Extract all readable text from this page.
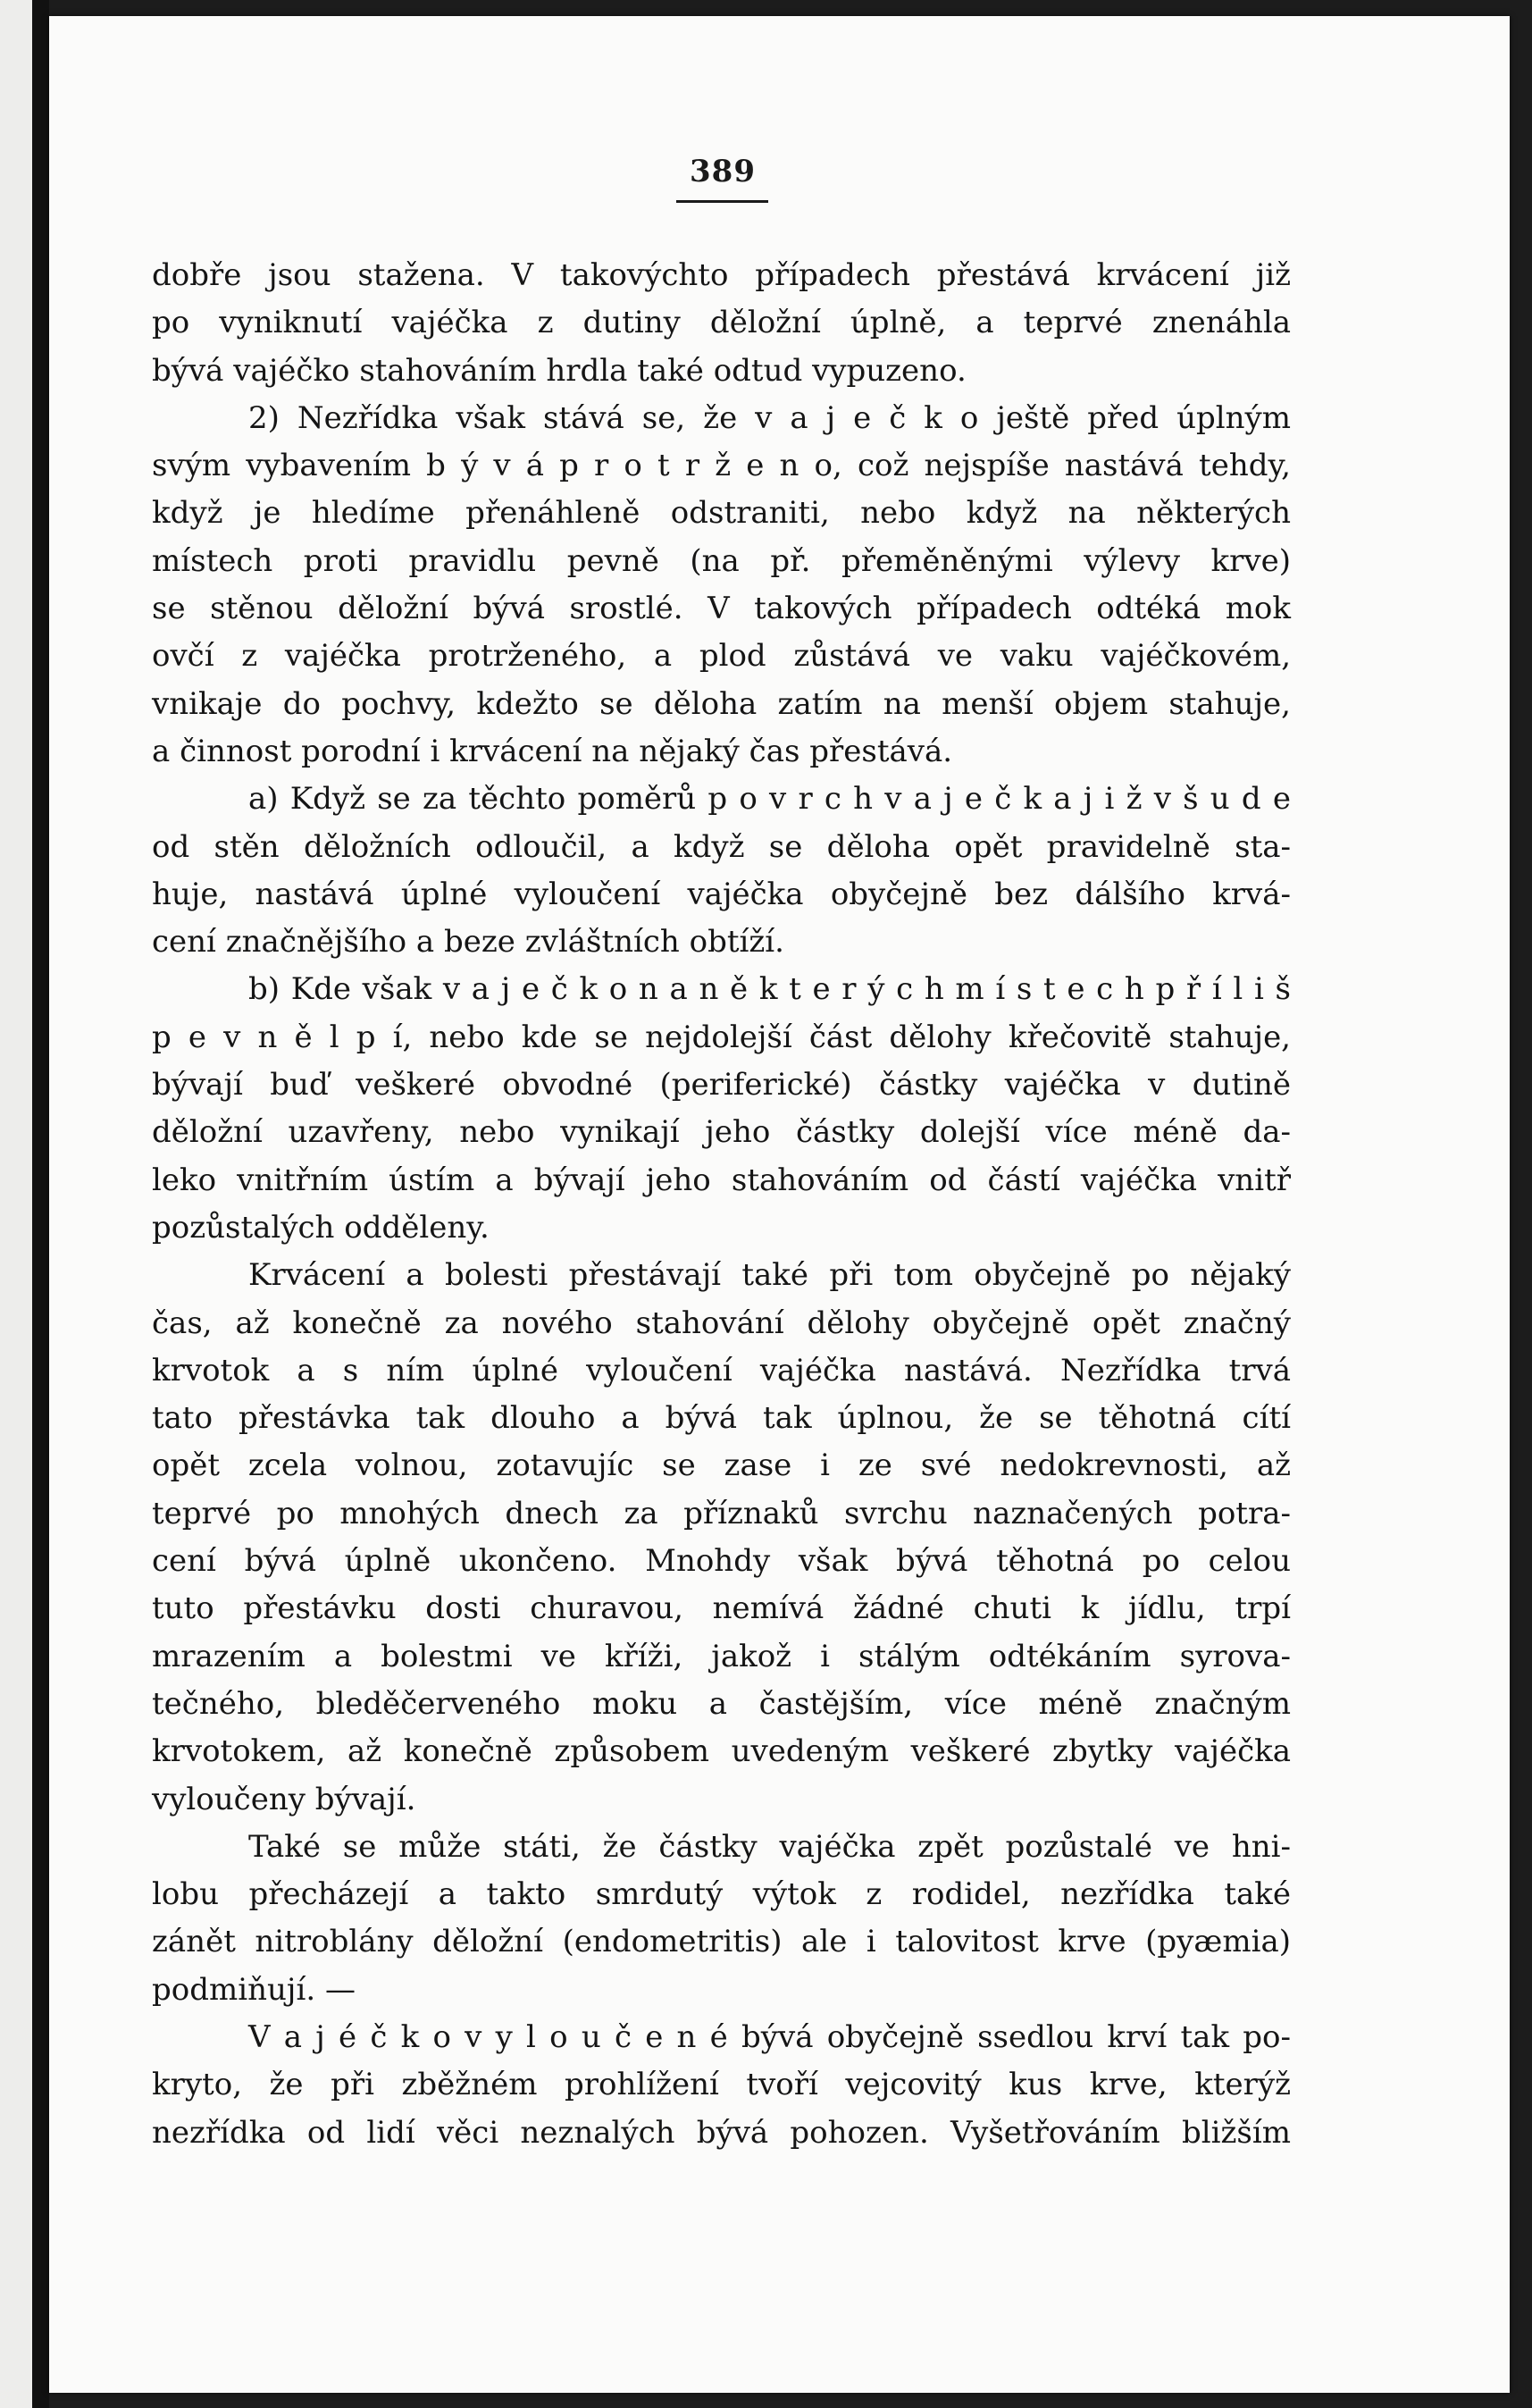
389
dobře jsou stažena. V takovýchto případech přestává krvácení již
po vyniknutí vajéčka z dutiny děložní úplně, a teprvé znenáhla
bývá vajéčko stahováním hrdla také odtud vypuzeno.
2) Nezřídka však stává se, že v a j e č k o ještě před úplným
svým vybavením b ý v á p r o t r ž e n o, což nejspíše nastává tehdy,
když je hledíme přenáhleně odstraniti, nebo když na některých
místech proti pravidlu pevně (na př. přeměněnými výlevy krve)
se stěnou děložní bývá srostlé. V takových případech odtéká mok
ovčí z vajéčka protrženého, a plod zůstává ve vaku vajéčkovém,
vnikaje do pochvy, kdežto se děloha zatím na menší objem stahuje,
a činnost porodní i krvácení na nějaký čas přestává.
a) Když se za těchto poměrů p o v r c h v a j e č k a j i ž v š u d e
od stěn děložních odloučil, a když se děloha opět pravidelně sta-
huje, nastává úplné vyloučení vajéčka obyčejně bez dálšího krvá-
cení značnějšího a beze zvláštních obtíží.
b) Kde však v a j e č k o n a n ě k t e r ý c h m í s t e c h p ř í l i š
p e v n ě l p í, nebo kde se nejdolejší část dělohy křečovitě stahuje,
bývají buď veškeré obvodné (periferické) částky vajéčka v dutině
děložní uzavřeny, nebo vynikají jeho částky dolejší více méně da-
leko vnitřním ústím a bývají jeho stahováním od částí vajéčka vnitř
pozůstalých odděleny.
Krvácení a bolesti přestávají také při tom obyčejně po nějaký
čas, až konečně za nového stahování dělohy obyčejně opět značný
krvotok a s ním úplné vyloučení vajéčka nastává. Nezřídka trvá
tato přestávka tak dlouho a bývá tak úplnou, že se těhotná cítí
opět zcela volnou, zotavujíc se zase i ze své nedokrevnosti, až
teprvé po mnohých dnech za příznaků svrchu naznačených potra-
cení bývá úplně ukončeno. Mnohdy však bývá těhotná po celou
tuto přestávku dosti churavou, nemívá žádné chuti k jídlu, trpí
mrazením a bolestmi ve kříži, jakož i stálým odtékáním syrova-
tečného, bleděčerveného moku a častějším, více méně značným
krvotokem, až konečně způsobem uvedeným veškeré zbytky vajéčka
vyloučeny bývají.
Také se může státi, že částky vajéčka zpět pozůstalé ve hni-
lobu přecházejí a takto smrdutý výtok z rodidel, nezřídka také
zánět nitroblány děložní (endometritis) ale i talovitost krve (pyæmia)
podmiňují. —
V a j é č k o v y l o u č e n é bývá obyčejně ssedlou krví tak po-
kryto, že při zběžném prohlížení tvoří vejcovitý kus krve, kterýž
nezřídka od lidí věci neznalých bývá pohozen. Vyšetřováním bližším
